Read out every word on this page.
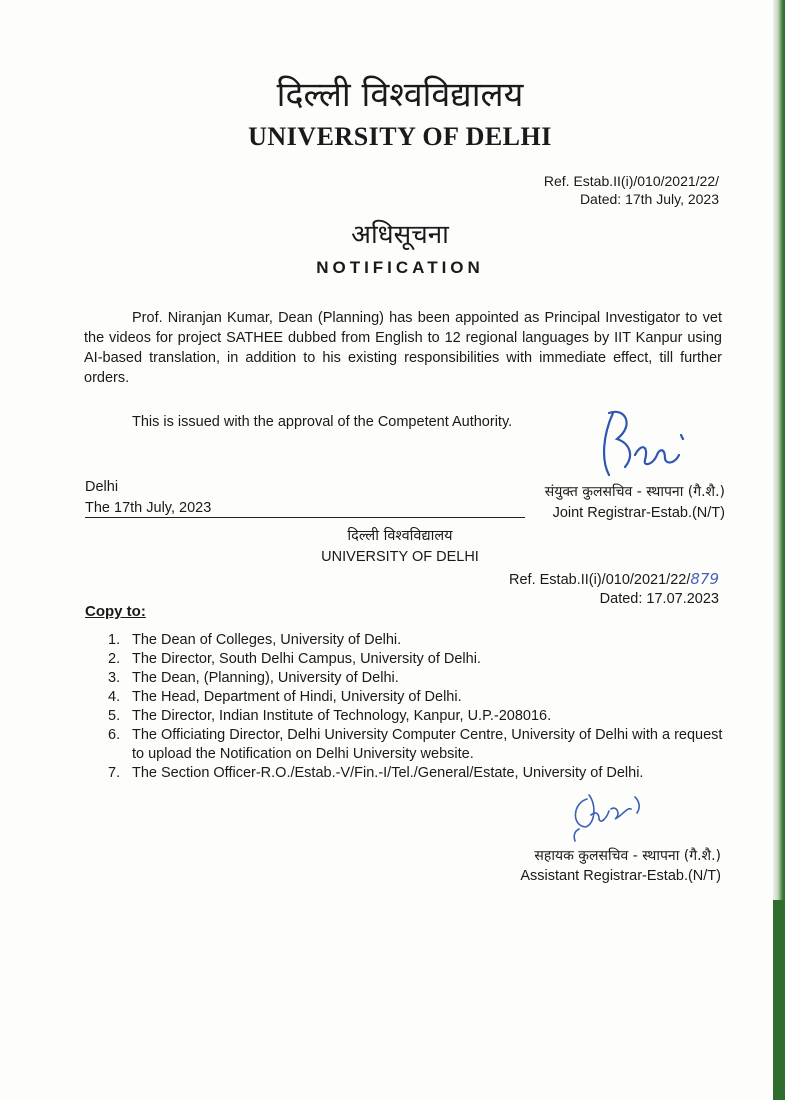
दिल्ली विश्वविद्यालय
UNIVERSITY OF DELHI
Ref. Estab.II(i)/010/2021/22/
Dated: 17th July, 2023
अधिसूचना
NOTIFICATION
Prof. Niranjan Kumar, Dean (Planning) has been appointed as Principal Investigator to vet the videos for project SATHEE dubbed from English to 12 regional languages by IIT Kanpur using AI-based translation, in addition to his existing responsibilities with immediate effect, till further orders.
This is issued with the approval of the Competent Authority.
Delhi
The 17th July, 2023
संयुक्त कुलसचिव - स्थापना (गै.शै.)
Joint Registrar-Estab.(N/T)
दिल्ली विश्वविद्यालय
UNIVERSITY OF DELHI
Ref. Estab.II(i)/010/2021/22/879
Dated: 17.07.2023
Copy to:
1. The Dean of Colleges, University of Delhi.
2. The Director, South Delhi Campus, University of Delhi.
3. The Dean, (Planning), University of Delhi.
4. The Head, Department of Hindi, University of Delhi.
5. The Director, Indian Institute of Technology, Kanpur, U.P.-208016.
6. The Officiating Director, Delhi University Computer Centre, University of Delhi with a request to upload the Notification on Delhi University website.
7. The Section Officer-R.O./Estab.-V/Fin.-I/Tel./General/Estate, University of Delhi.
सहायक कुलसचिव - स्थापना (गै.शै.)
Assistant Registrar-Estab.(N/T)
